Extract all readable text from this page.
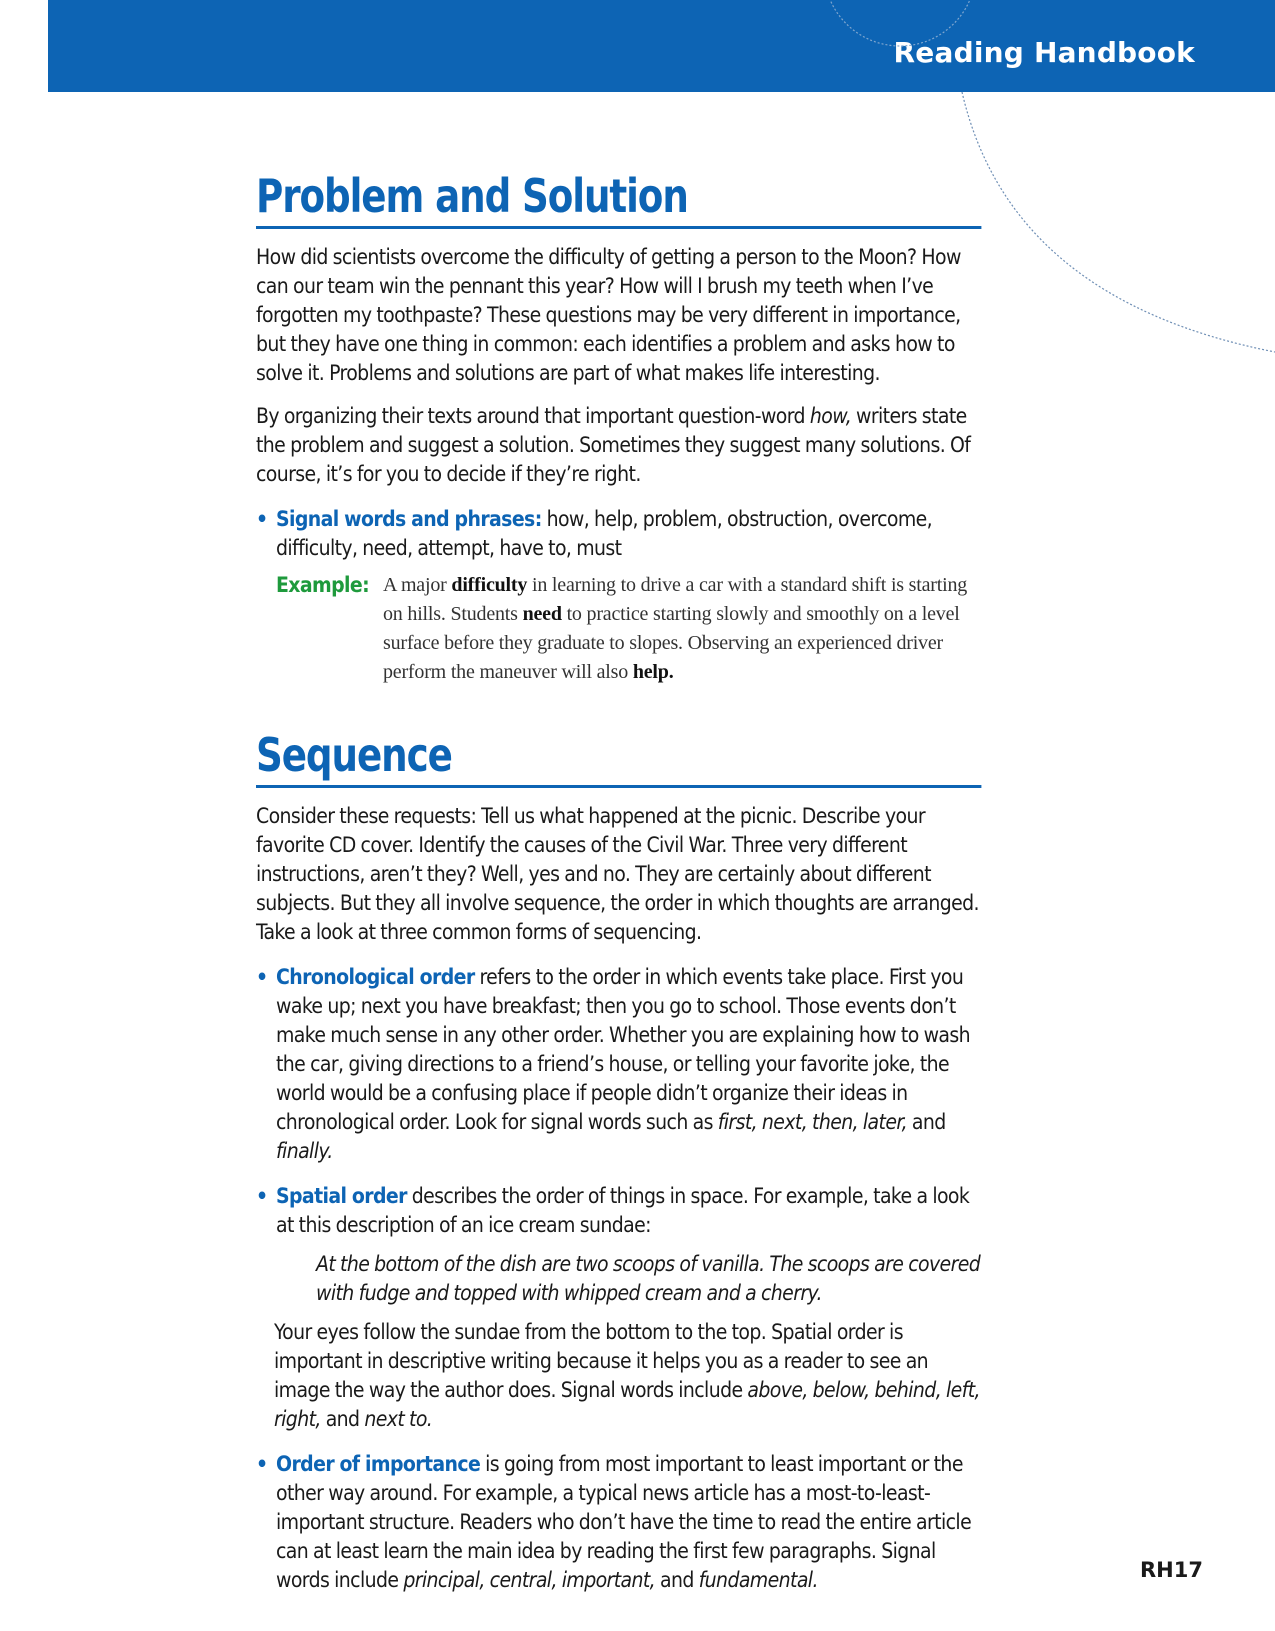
Reading Handbook
Problem and Solution

How did scientists overcome the difficulty of getting a person to the Moon? How can our team win the pennant this year? How will I brush my teeth when I’ve forgotten my toothpaste? These questions may be very different in importance, but they have one thing in common: each identifies a problem and asks how to solve it. Problems and solutions are part of what makes life interesting.

By organizing their texts around that important question-word how, writers state the problem and suggest a solution. Sometimes they suggest many solutions. Of course, it’s for you to decide if they’re right.

• Signal words and phrases: how, help, problem, obstruction, overcome, difficulty, need, attempt, have to, must
Example: A major difficulty in learning to drive a car with a standard shift is starting on hills. Students need to practice starting slowly and smoothly on a level surface before they graduate to slopes. Observing an experienced driver perform the maneuver will also help.
Sequence

Consider these requests: Tell us what happened at the picnic. Describe your favorite CD cover. Identify the causes of the Civil War. Three very different instructions, aren’t they? Well, yes and no. They are certainly about different subjects. But they all involve sequence, the order in which thoughts are arranged. Take a look at three common forms of sequencing.

• Chronological order refers to the order in which events take place. First you wake up; next you have breakfast; then you go to school. Those events don’t make much sense in any other order. Whether you are explaining how to wash the car, giving directions to a friend’s house, or telling your favorite joke, the world would be a confusing place if people didn’t organize their ideas in chronological order. Look for signal words such as first, next, then, later, and finally.
• Spatial order describes the order of things in space. For example, take a look at this description of an ice cream sundae:
At the bottom of the dish are two scoops of vanilla. The scoops are covered with fudge and topped with whipped cream and a cherry.
Your eyes follow the sundae from the bottom to the top. Spatial order is important in descriptive writing because it helps you as a reader to see an image the way the author does. Signal words include above, below, behind, left, right, and next to.
• Order of importance is going from most important to least important or the other way around. For example, a typical news article has a most-to-least-important structure. Readers who don’t have the time to read the entire article can at least learn the main idea by reading the first few paragraphs. Signal words include principal, central, important, and fundamental.	RH17
